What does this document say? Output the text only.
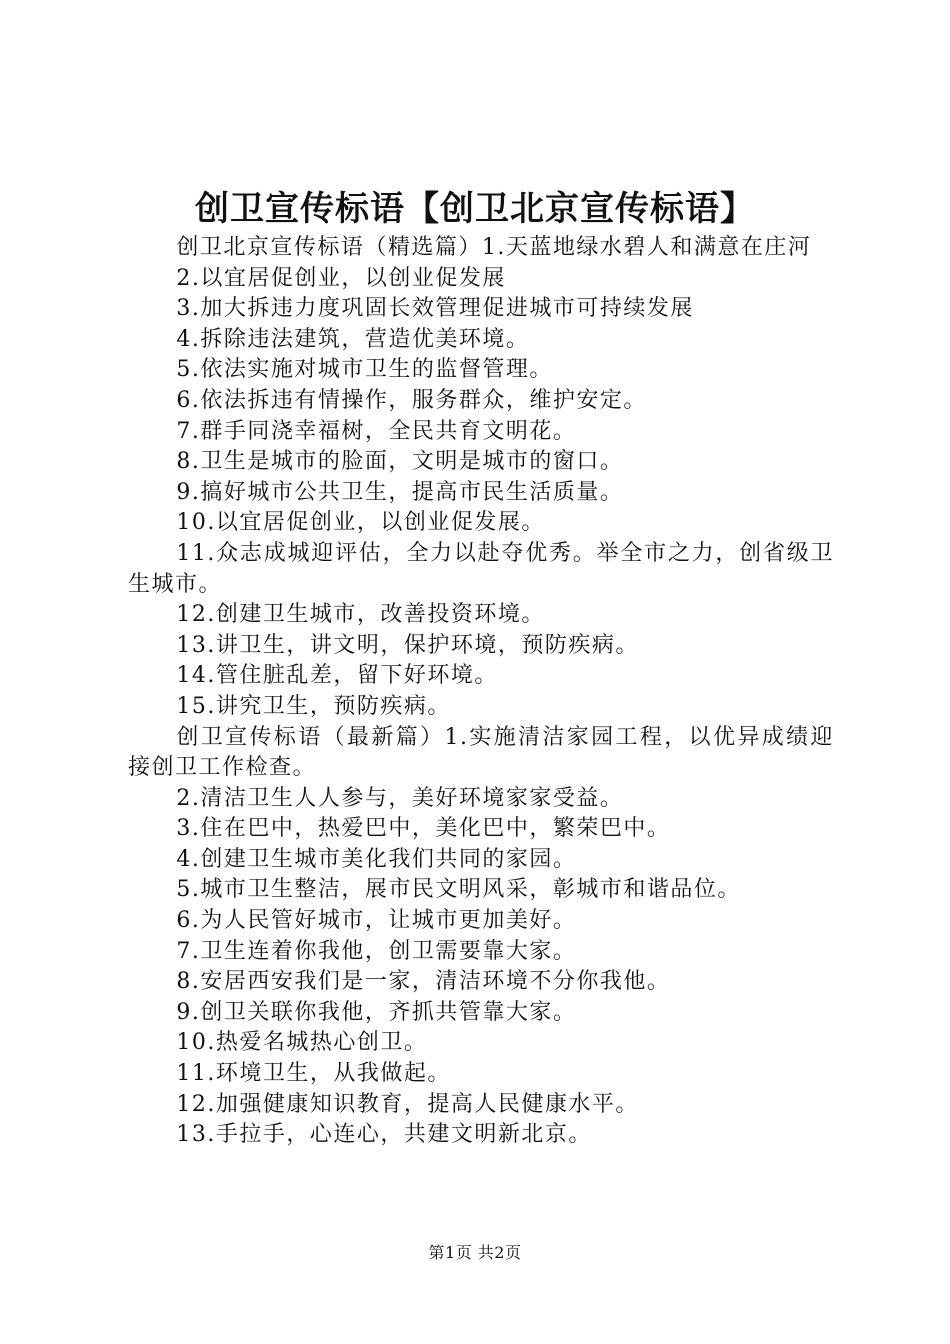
创卫宣传标语【创卫北京宣传标语】

创卫北京宣传标语（精选篇）1.天蓝地绿水碧人和满意在庄河

2.以宜居促创业，以创业促发展

3.加大拆违力度巩固长效管理促进城市可持续发展

4.拆除违法建筑，营造优美环境。

5.依法实施对城市卫生的监督管理。

6.依法拆违有情操作，服务群众，维护安定。

7.群手同浇幸福树，全民共育文明花。

8.卫生是城市的脸面，文明是城市的窗口。

9.搞好城市公共卫生，提高市民生活质量。

10.以宜居促创业，以创业促发展。

11.众志成城迎评估，全力以赴夺优秀。举全市之力，创省级卫生城市。

12.创建卫生城市，改善投资环境。

13.讲卫生，讲文明，保护环境，预防疾病。

14.管住脏乱差，留下好环境。

15.讲究卫生，预防疾病。

创卫宣传标语（最新篇）1.实施清洁家园工程，以优异成绩迎接创卫工作检查。

2.清洁卫生人人参与，美好环境家家受益。

3.住在巴中，热爱巴中，美化巴中，繁荣巴中。

4.创建卫生城市美化我们共同的家园。

5.城市卫生整洁，展市民文明风采，彰城市和谐品位。

6.为人民管好城市，让城市更加美好。

7.卫生连着你我他，创卫需要靠大家。

8.安居西安我们是一家，清洁环境不分你我他。

9.创卫关联你我他，齐抓共管靠大家。

10.热爱名城热心创卫。

11.环境卫生，从我做起。

12.加强健康知识教育，提高人民健康水平。

13.手拉手，心连心，共建文明新北京。

第1页 共2页
